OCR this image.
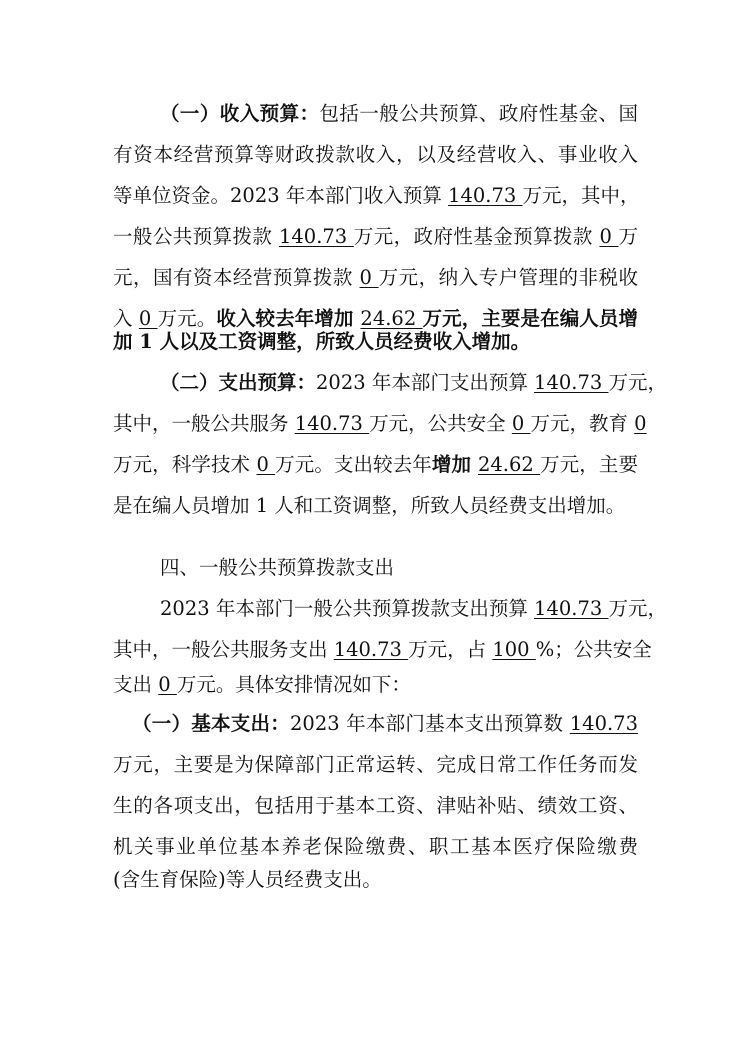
（一）收入预算：包括一般公共预算、政府性基金、国
有资本经营预算等财政拨款收入，以及经营收入、事业收入
等单位资金。2023 年本部门收入预算 140.73 万元，其中，
一般公共预算拨款 140.73 万元，政府性基金预算拨款 0 万
元，国有资本经营预算拨款 0 万元，纳入专户管理的非税收
入 0 万元。收入较去年增加 24.62 万元，主要是在编人员增
加 1 人以及工资调整，所致人员经费收入增加。
（二）支出预算：2023 年本部门支出预算 140.73 万元，
其中，一般公共服务 140.73 万元，公共安全 0 万元，教育 0
万元，科学技术 0 万元。支出较去年增加 24.62 万元，主要
是在编人员增加 1 人和工资调整，所致人员经费支出增加。
四、一般公共预算拨款支出
2023 年本部门一般公共预算拨款支出预算 140.73 万元，
其中，一般公共服务支出 140.73 万元，占 100 %；公共安全
支出 0 万元。具体安排情况如下：
（一）基本支出：2023 年本部门基本支出预算数 140.73
万元，主要是为保障部门正常运转、完成日常工作任务而发
生的各项支出，包括用于基本工资、津贴补贴、绩效工资、
机关事业单位基本养老保险缴费、职工基本医疗保险缴费
(含生育保险)等人员经费支出。
